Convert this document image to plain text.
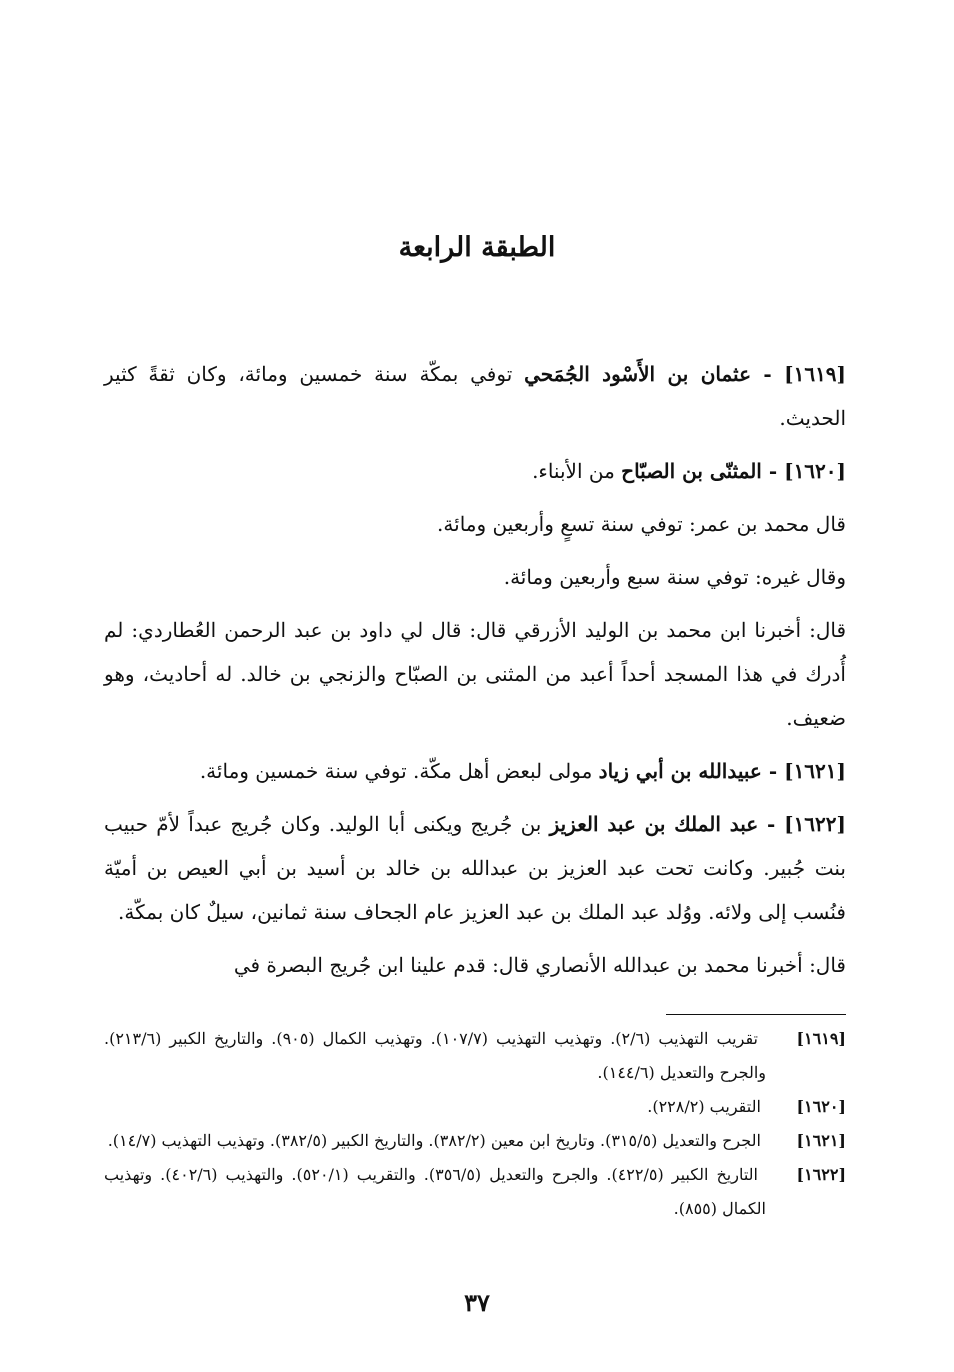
الطبقة الرابعة

[١٦١٩] - عثمان بن الأَسْود الجُمَحي توفي بمكّة سنة خمسين ومائة، وكان ثقةً كثير الحديث.

[١٦٢٠] - المثنّى بن الصبّاح من الأبناء.

قال محمد بن عمر: توفي سنة تسعٍ وأربعين ومائة.

وقال غيره: توفي سنة سبع وأربعين ومائة.

قال: أخبرنا ابن محمد بن الوليد الأزرقي قال: قال لي داود بن عبد الرحمن العُطاردي: لم أُدرك في هذا المسجد أحداً أعبد من المثنى بن الصبّاح والزنجي بن خالد. له أحاديث، وهو ضعيف.

[١٦٢١] - عبيدالله بن أبي زياد مولى لبعض أهل مكّة. توفي سنة خمسين ومائة.

[١٦٢٢] - عبد الملك بن عبد العزيز بن جُريج ويكنى أبا الوليد. وكان جُريج عبداً لأمّ حبيب بنت جُبير. وكانت تحت عبد العزيز بن عبدالله بن خالد بن أسيد بن أبي العيص بن أميّة فنُسب إلى ولائه. ووُلد عبد الملك بن عبد العزيز عام الجحاف سنة ثمانين، سيلٌ كان بمكّة.

قال: أخبرنا محمد بن عبدالله الأنصاري قال: قدم علينا ابن جُريج البصرة في

[١٦١٩] تقريب التهذيب (٢/٦). وتهذيب التهذيب (١٠٧/٧). وتهذيب الكمال (٩٠٥). والتاريخ الكبير (٢١٣/٦). والجرح والتعديل (١٤٤/٦).

[١٦٢٠] التقريب (٢٢٨/٢).

[١٦٢١] الجرح والتعديل (٣١٥/٥). وتاريخ ابن معين (٣٨٢/٢). والتاريخ الكبير (٣٨٢/٥). وتهذيب التهذيب (١٤/٧).

[١٦٢٢] التاريخ الكبير (٤٢٢/٥). والجرح والتعديل (٣٥٦/٥). والتقريب (٥٢٠/١). والتهذيب (٤٠٢/٦). وتهذيب الكمال (٨٥٥).

٣٧
